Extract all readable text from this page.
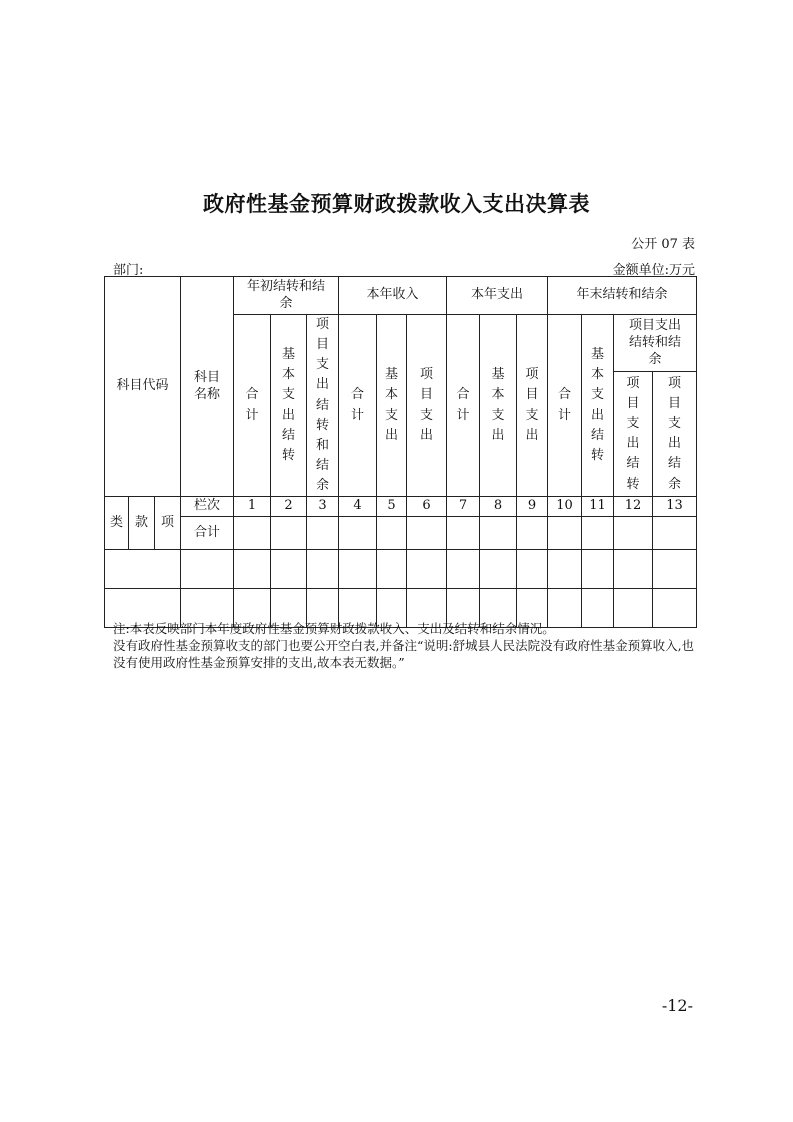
政府性基金预算财政拨款收入支出决算表
公开 07 表
部门:	金额单位:万元
科目代码			科目名称	年初结转和结余			本年收入			本年支出			年末结转和结余			
				合计	基本支出结转	项目支出结转和结余	合计	基本支出	项目支出	合计	基本支出	项目支出	合计	基本支出结转	项目支出结转和结余	
															项目支出结转	项目支出结余
类	款	项	栏次	1	2	3	4	5	6	7	8	9	10	11	12	13
			合计													

注:本表反映部门本年度政府性基金预算财政拨款收入、支出及结转和结余情况。

没有政府性基金预算收支的部门也要公开空白表,并备注“说明:舒城县人民法院没有政府性基金预算收入,也没有使用政府性基金预算安排的支出,故本表无数据。”

-12-
